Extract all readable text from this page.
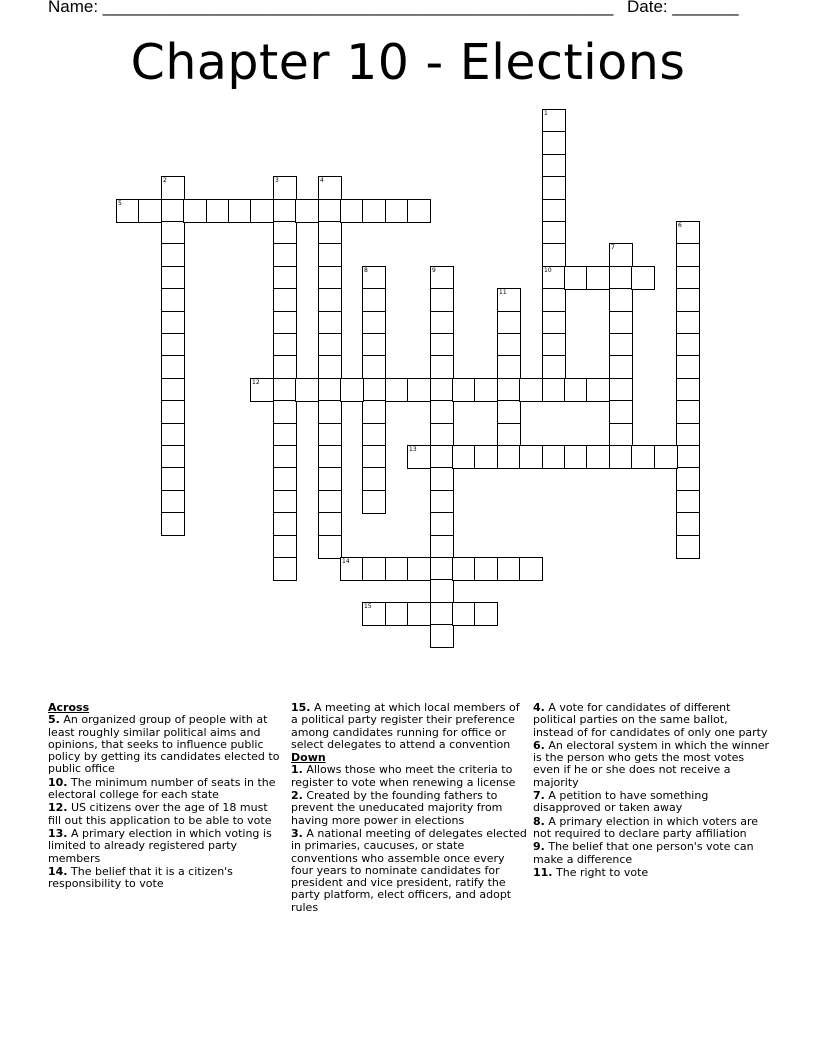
Name: ______________________________________________________ Date: _______
Chapter 10 - Elections
1
10
2	3	4
5
6
7
8	9
11
12
13
14
15
Across
5. An organized group of people with at least roughly similar political aims and opinions, that seeks to influence public policy by getting its candidates elected to public office
10. The minimum number of seats in the electoral college for each state
12. US citizens over the age of 18 must fill out this application to be able to vote
13. A primary election in which voting is limited to already registered party members
14. The belief that it is a citizen's responsibility to vote
15. A meeting at which local members of a political party register their preference among candidates running for office or select delegates to attend a convention
Down
1. Allows those who meet the criteria to register to vote when renewing a license
2. Created by the founding fathers to prevent the uneducated majority from having more power in elections
3. A national meeting of delegates elected in primaries, caucuses, or state conventions who assemble once every four years to nominate candidates for president and vice president, ratify the party platform, elect officers, and adopt rules
4. A vote for candidates of different political parties on the same ballot, instead of for candidates of only one party
6. An electoral system in which the winner is the person who gets the most votes even if he or she does not receive a majority
7. A petition to have something disapproved or taken away
8. A primary election in which voters are not required to declare party affiliation
9. The belief that one person's vote can make a difference
11. The right to vote
